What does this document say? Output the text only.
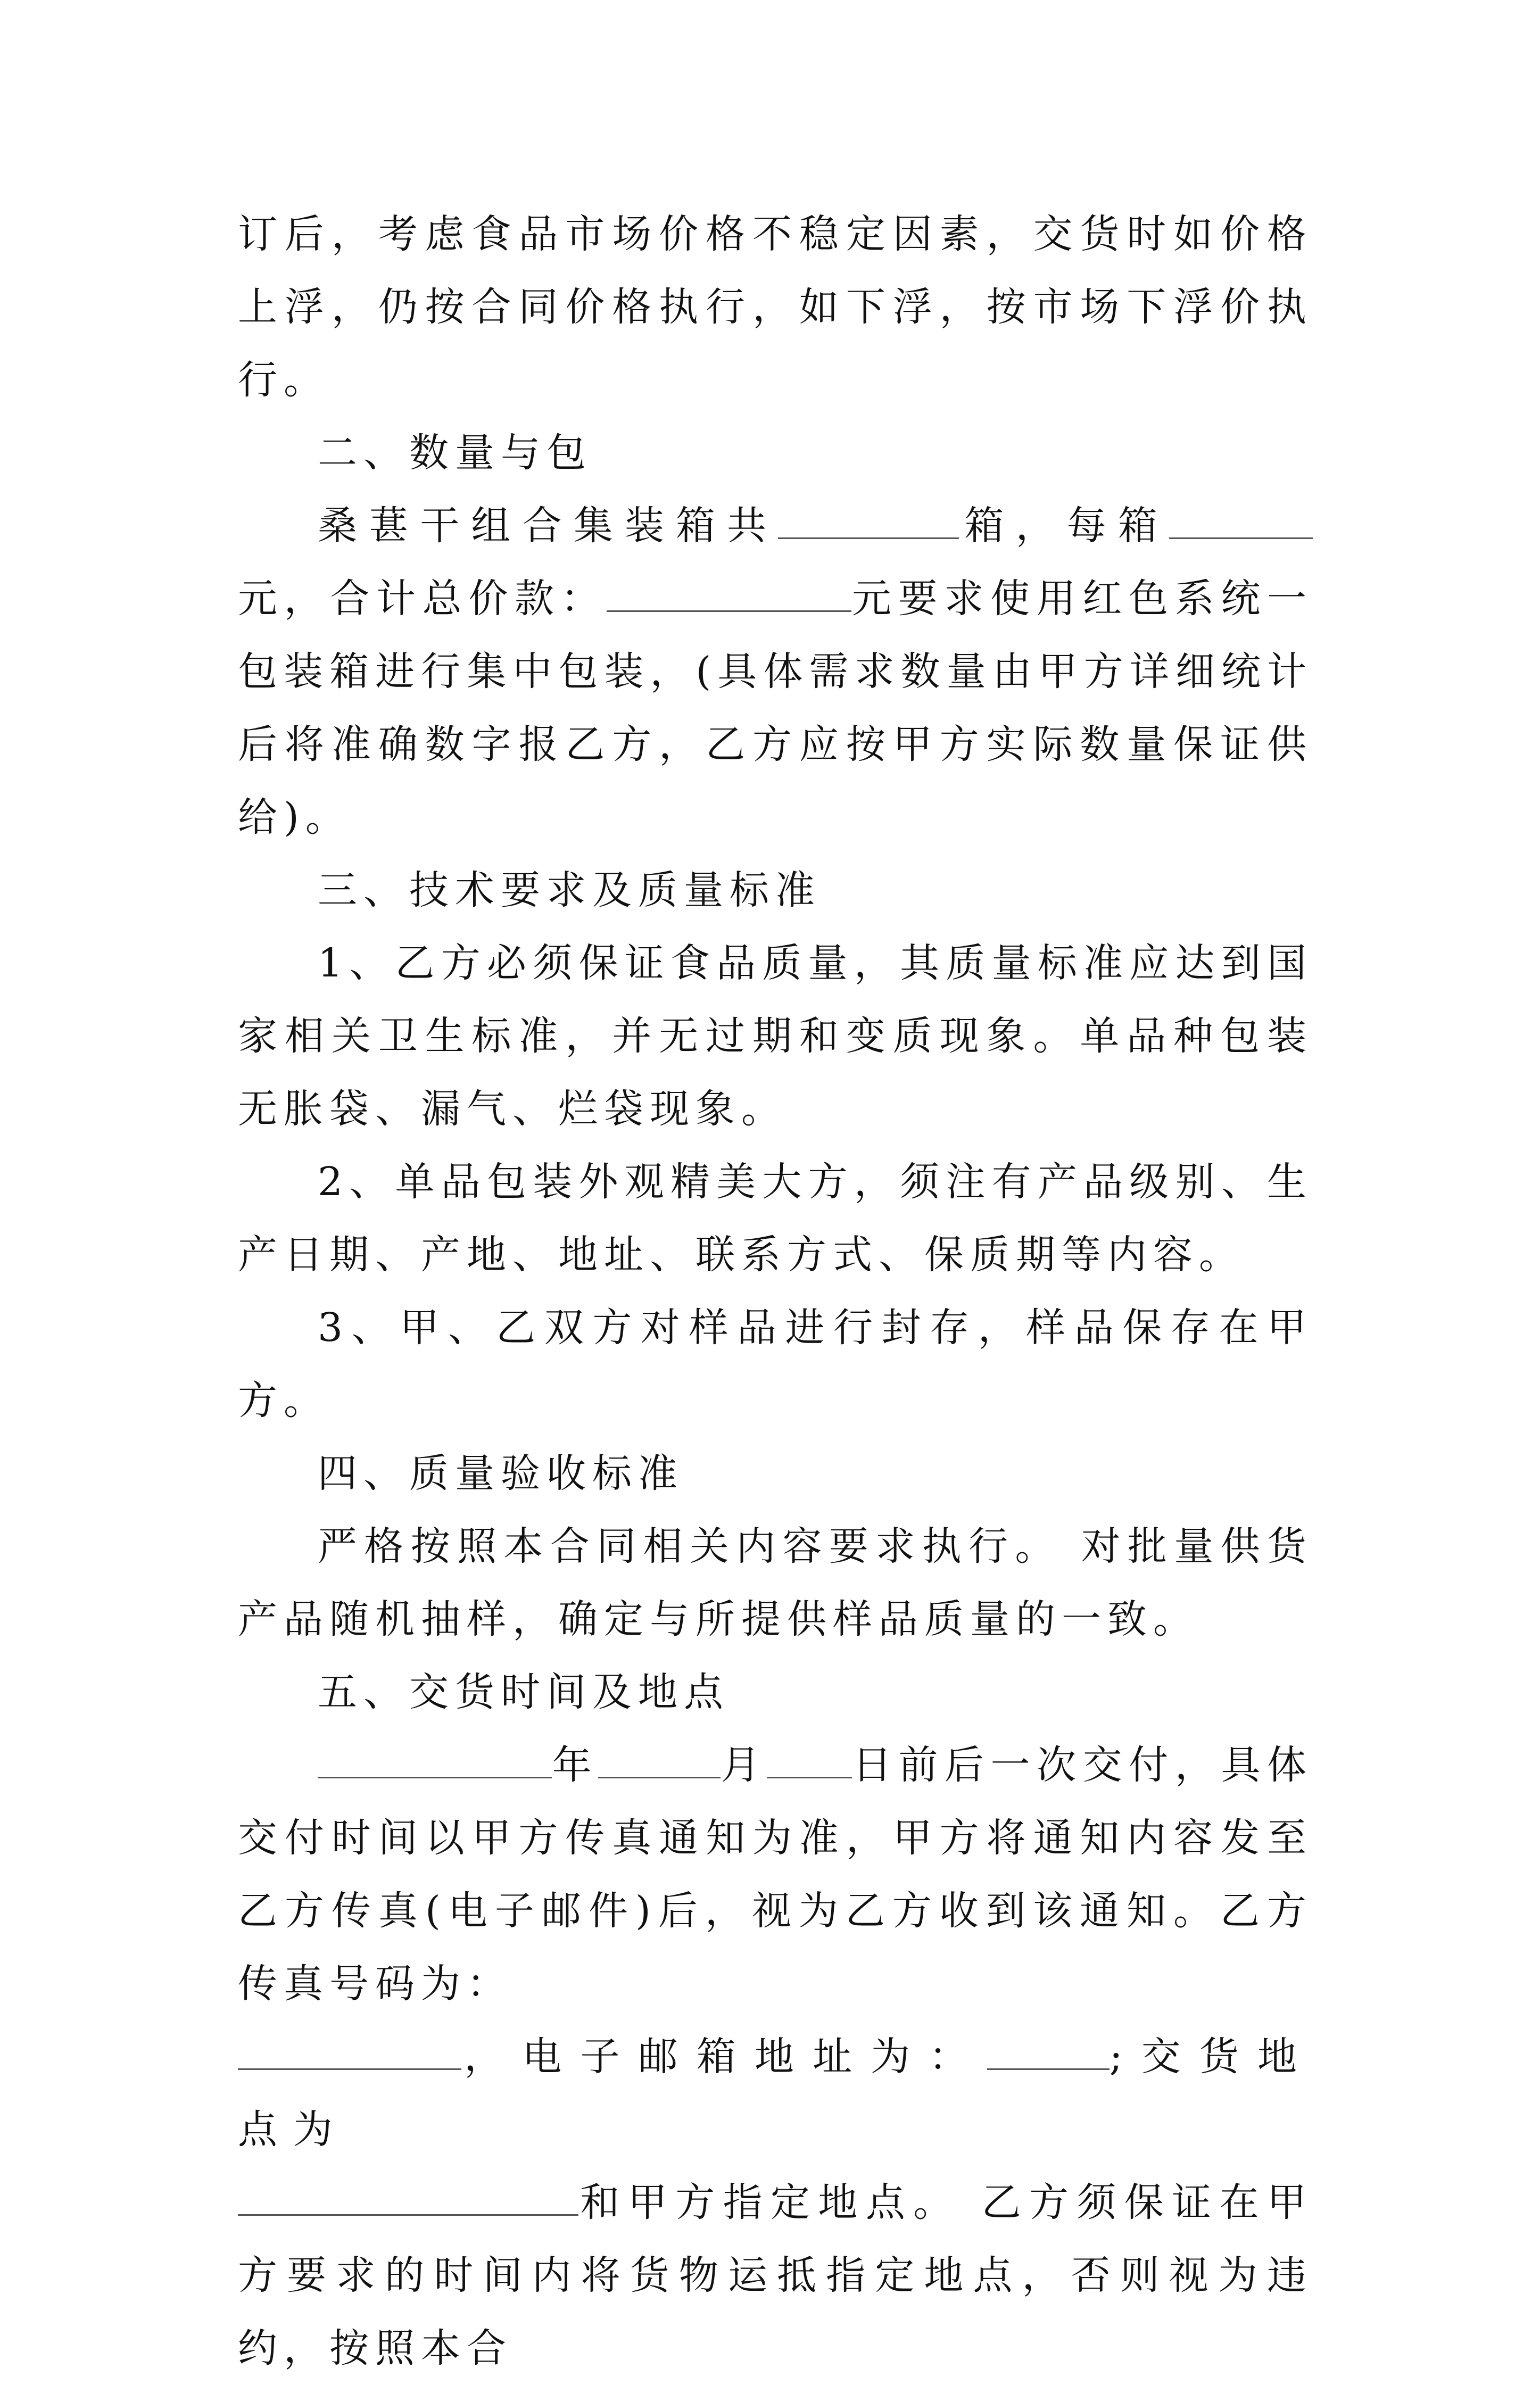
订后，考虑食品市场价格不稳定因素，交货时如价格上浮，仍按合同价格执行，如下浮，按市场下浮价执行。

二、数量与包

桑葚干组合集装箱共	箱，每箱元，合计总价款：	元要求使用红色系统一包装箱进行集中包装，(具体需求数量由甲方详细统计后将准确数字报乙方，乙方应按甲方实际数量保证供给)。

三、技术要求及质量标准

1、乙方必须保证食品质量，其质量标准应达到国家相关卫生标准，并无过期和变质现象。单品种包装无胀袋、漏气、烂袋现象。

2、单品包装外观精美大方，须注有产品级别、生产日期、产地、地址、联系方式、保质期等内容。

3、甲、乙双方对样品进行封存，样品保存在甲方。

四、质量验收标准

严格按照本合同相关内容要求执行。 对批量供货产品随机抽样，确定与所提供样品质量的一致。

五、交货时间及地点

年	月 日前后一次交付，具体交付时间以甲方传真通知为准，甲方将通知内容发至乙方传真(电子邮件)后，视为乙方收到该通知。乙方传真号码为：

，电子邮箱地址为：	;交货地点为

和甲方指定地点。 乙方须保证在甲方要求的时间内将货物运抵指定地点，否则视为违约，按照本合
